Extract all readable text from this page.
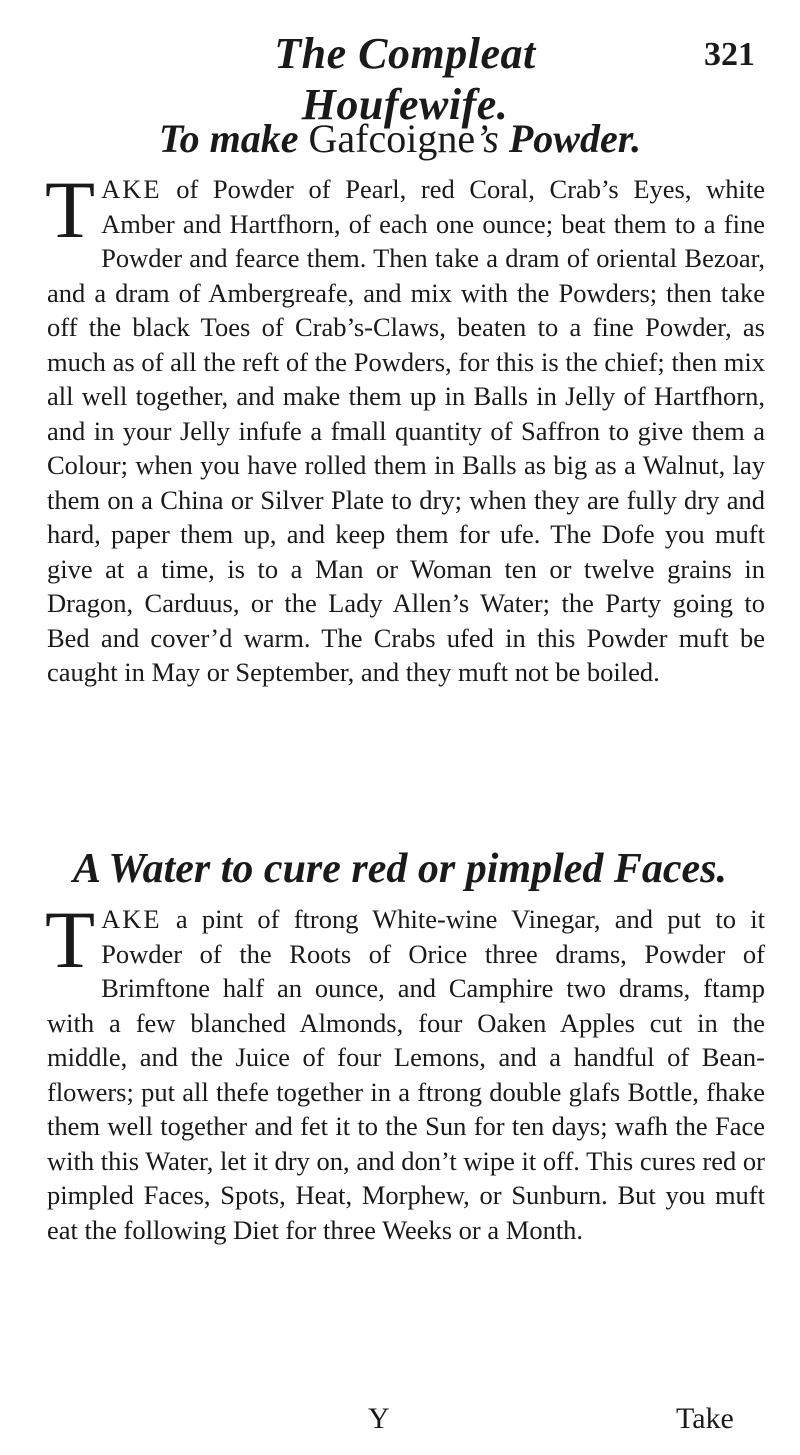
The Compleat Houfewife.
321
To make Gafcoigne’s Powder.
TAKE of Powder of Pearl, red Coral, Crab’s Eyes, white Amber and Hartfhorn, of each one ounce; beat them to a fine Powder and fearce them. Then take a dram of oriental Bezoar, and a dram of Ambergreafe, and mix with the Powders; then take off the black Toes of Crab’s-Claws, beaten to a fine Powder, as much as of all the reft of the Powders, for this is the chief; then mix all well together, and make them up in Balls in Jelly of Hartfhorn, and in your Jelly infufe a fmall quantity of Saffron to give them a Colour; when you have rolled them in Balls as big as a Walnut, lay them on a China or Silver Plate to dry; when they are fully dry and hard, paper them up, and keep them for ufe. The Dofe you muft give at a time, is to a Man or Woman ten or twelve grains in Dragon, Carduus, or the Lady Allen’s Water; the Party going to Bed and cover’d warm. The Crabs ufed in this Powder muft be caught in May or September, and they muft not be boiled.
A Water to cure red or pimpled Faces.
TAKE a pint of ftrong White-wine Vinegar, and put to it Powder of the Roots of Orice three drams, Powder of Brimftone half an ounce, and Camphire two drams, ftamp with a few blanched Almonds, four Oaken Apples cut in the middle, and the Juice of four Lemons, and a handful of Bean-flowers; put all thefe together in a ftrong double glafs Bottle, fhake them well together and fet it to the Sun for ten days; wafh the Face with this Water, let it dry on, and don’t wipe it off. This cures red or pimpled Faces, Spots, Heat, Morphew, or Sunburn. But you muft eat the following Diet for three Weeks or a Month.
Y	Take
